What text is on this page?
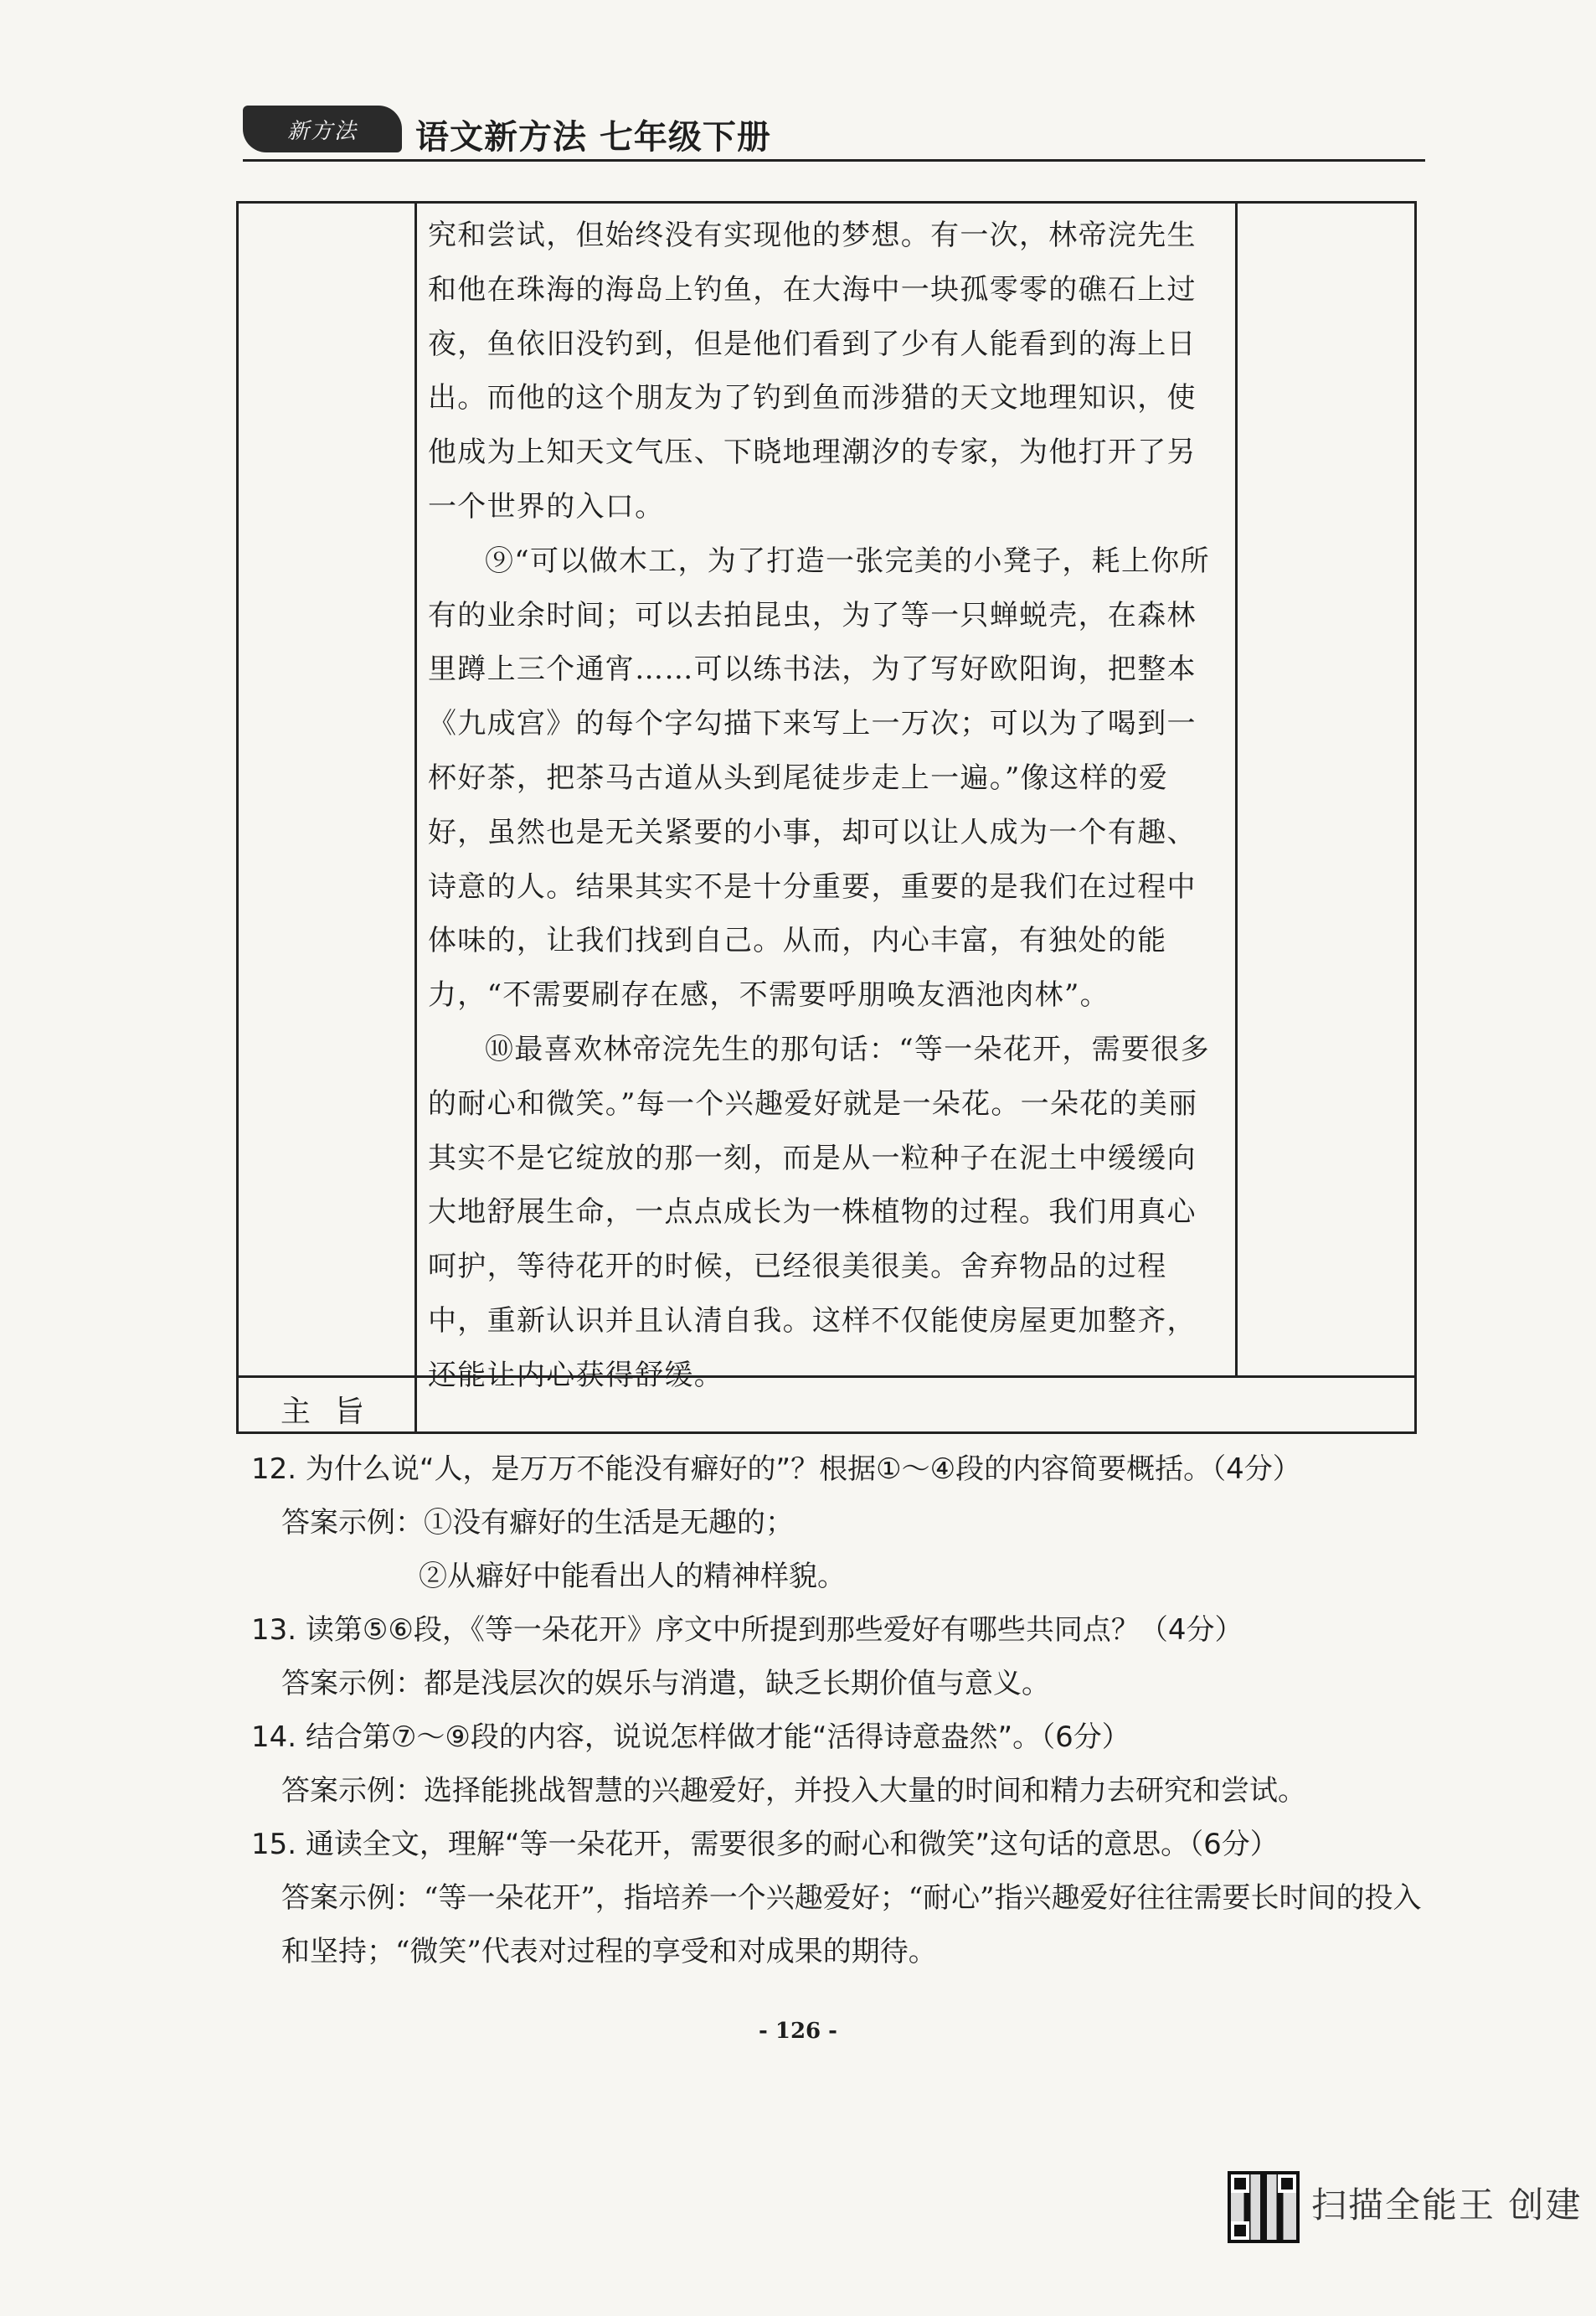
新方法 语文新方法 七年级下册

究和尝试，但始终没有实现他的梦想。有一次，林帝浣先生和他在珠海的海岛上钓鱼，在大海中一块孤零零的礁石上过夜，鱼依旧没钓到，但是他们看到了少有人能看到的海上日出。而他的这个朋友为了钓到鱼而涉猎的天文地理知识，使他成为上知天文气压、下晓地理潮汐的专家，为他打开了另一个世界的入口。

⑨“可以做木工，为了打造一张完美的小凳子，耗上你所有的业余时间；可以去拍昆虫，为了等一只蝉蜕壳，在森林里蹲上三个通宵……可以练书法，为了写好欧阳询，把整本《九成宫》的每个字勾描下来写上一万次；可以为了喝到一杯好茶，把茶马古道从头到尾徒步走上一遍。”像这样的爱好，虽然也是无关紧要的小事，却可以让人成为一个有趣、诗意的人。结果其实不是十分重要，重要的是我们在过程中体味的，让我们找到自己。从而，内心丰富，有独处的能力，“不需要刷存在感，不需要呼朋唤友酒池肉林”。

⑩最喜欢林帝浣先生的那句话：“等一朵花开，需要很多的耐心和微笑。”每一个兴趣爱好就是一朵花。一朵花的美丽其实不是它绽放的那一刻，而是从一粒种子在泥土中缓缓向大地舒展生命，一点点成长为一株植物的过程。我们用真心呵护，等待花开的时候，已经很美很美。舍弃物品的过程中，重新认识并且认清自我。这样不仅能使房屋更加整齐，还能让内心获得舒缓。

主旨
12. 为什么说“人，是万万不能没有癖好的”？根据①～④段的内容简要概括。（4分）
答案示例：①没有癖好的生活是无趣的；
②从癖好中能看出人的精神样貌。
13. 读第⑤⑥段，《等一朵花开》序文中所提到那些爱好有哪些共同点？（4分）
答案示例：都是浅层次的娱乐与消遣，缺乏长期价值与意义。
14. 结合第⑦～⑨段的内容，说说怎样做才能“活得诗意盎然”。（6分）
答案示例：选择能挑战智慧的兴趣爱好，并投入大量的时间和精力去研究和尝试。
15. 通读全文，理解“等一朵花开，需要很多的耐心和微笑”这句话的意思。（6分）
答案示例：“等一朵花开”，指培养一个兴趣爱好；“耐心”指兴趣爱好往往需要长时间的投入和坚持；“微笑”代表对过程的享受和对成果的期待。
- 126 -
扫描全能王 创建
